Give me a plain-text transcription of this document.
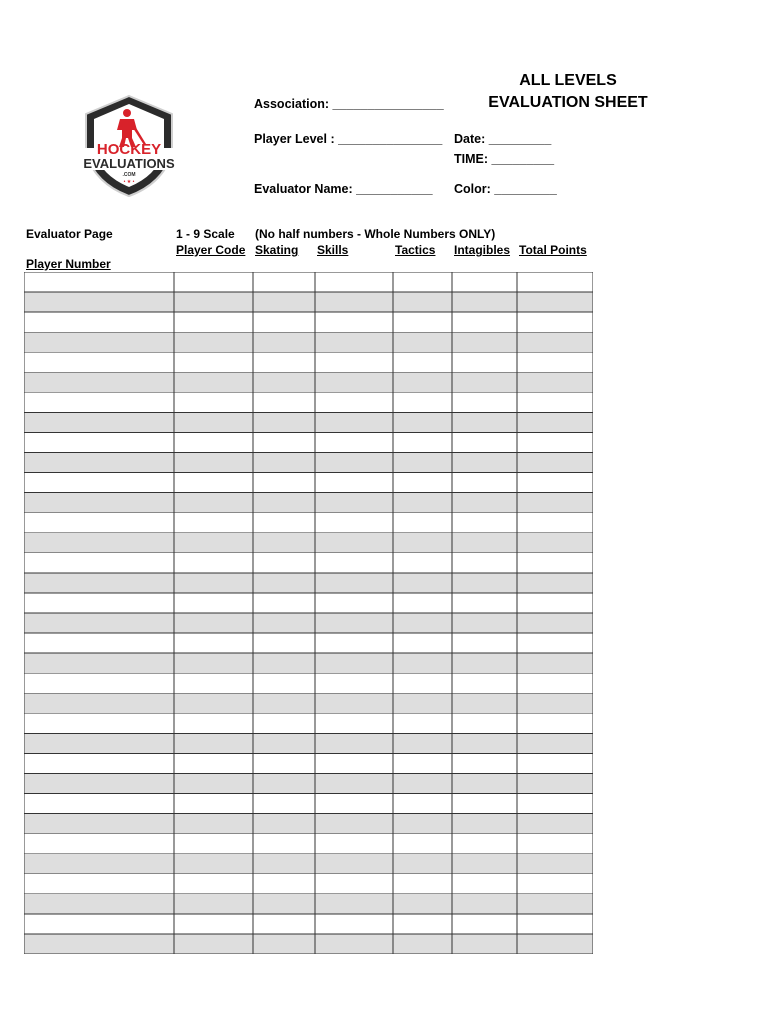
HOCKEY
EVALUATIONS
.COM
• ★ •
ALL LEVELS
EVALUATION SHEET
Association: ________________
Player Level : _______________ Date: _________
TIME: _________
Evaluator Name: ___________ Color: _________
Evaluator Page	1 - 9 Scale (No half numbers - Whole Numbers ONLY)
Player Number
Player Code Skating Skills	Tactics Intagibles Total Points
